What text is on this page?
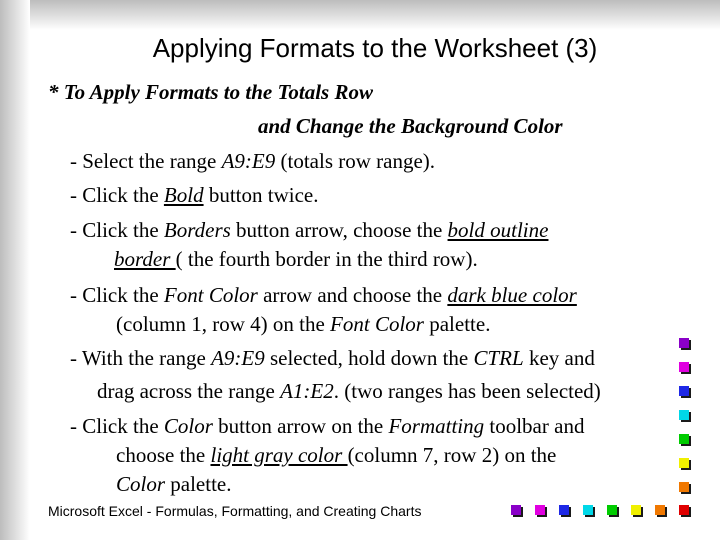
Applying Formats to the Worksheet (3)
* To Apply Formats to the Totals Row
and Change the Background Color
- Select the range A9:E9 (totals row range).
- Click the Bold button twice.
- Click the Borders button arrow, choose the bold outline
border ( the fourth border in the third row).
- Click the Font Color arrow and choose the dark blue color
(column 1, row 4) on the Font Color palette.
- With the range A9:E9 selected, hold down the CTRL key and
drag across the range A1:E2. (two ranges has been selected)
- Click the Color button arrow on the Formatting toolbar and
choose the light gray color (column 7, row 2) on the
Color palette.
Microsoft Excel - Formulas, Formatting, and Creating Charts
